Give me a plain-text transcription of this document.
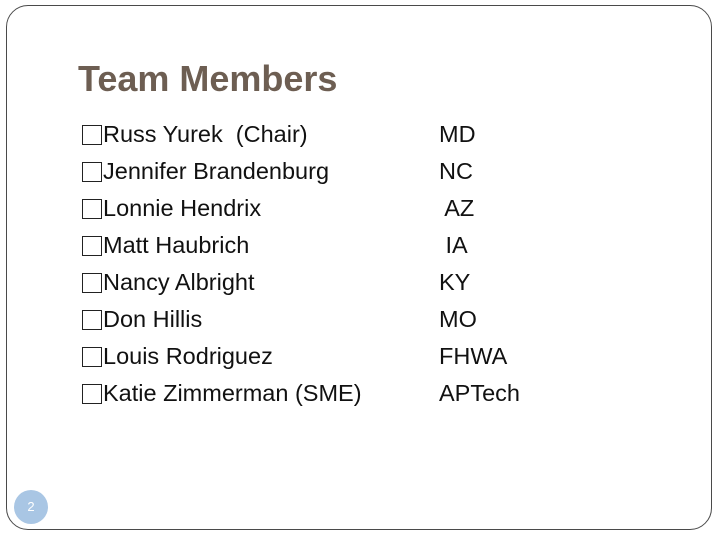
Team Members
Russ Yurek  (Chair)
Jennifer Brandenburg
Lonnie Hendrix
Matt Haubrich
Nancy Albright
Don Hillis
Louis Rodriguez
Katie Zimmerman (SME)
MD
NC
AZ
IA
KY
MO
FHWA
APTech
2
